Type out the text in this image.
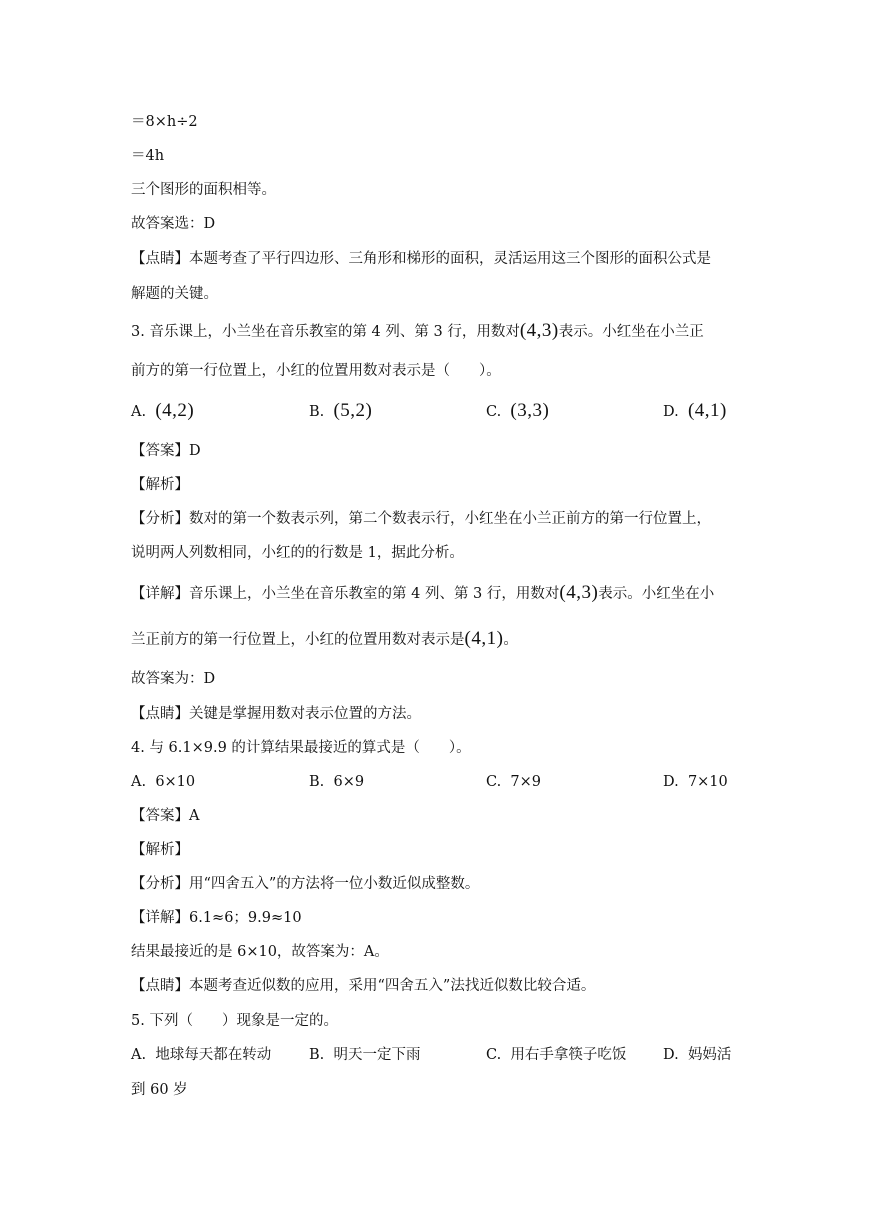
＝8×h÷2
＝4h
三个图形的面积相等。
故答案选：D
【点睛】本题考查了平行四边形、三角形和梯形的面积，灵活运用这三个图形的面积公式是
解题的关键。
3. 音乐课上，小兰坐在音乐教室的第 4 列、第 3 行，用数对(4,3)表示。小红坐在小兰正
前方的第一行位置上，小红的位置用数对表示是（　　）。
A. (4,2)	B. (5,2)	C. (3,3)	D. (4,1)
【答案】D
【解析】
【分析】数对的第一个数表示列，第二个数表示行，小红坐在小兰正前方的第一行位置上，
说明两人列数相同，小红的的行数是 1，据此分析。
【详解】音乐课上，小兰坐在音乐教室的第 4 列、第 3 行，用数对(4,3)表示。小红坐在小
兰正前方的第一行位置上，小红的位置用数对表示是(4,1)。
故答案为：D
【点睛】关键是掌握用数对表示位置的方法。
4. 与 6.1×9.9 的计算结果最接近的算式是（　　）。
A. 6×10	B. 6×9	C. 7×9	D. 7×10
【答案】A
【解析】
【分析】用“四舍五入”的方法将一位小数近似成整数。
【详解】6.1≈6；9.9≈10
结果最接近的是 6×10，故答案为：A。
【点睛】本题考查近似数的应用，采用“四舍五入”法找近似数比较合适。
5. 下列（　　）现象是一定的。
A. 地球每天都在转动	B. 明天一定下雨	C. 用右手拿筷子吃饭	D. 妈妈活
到 60 岁
